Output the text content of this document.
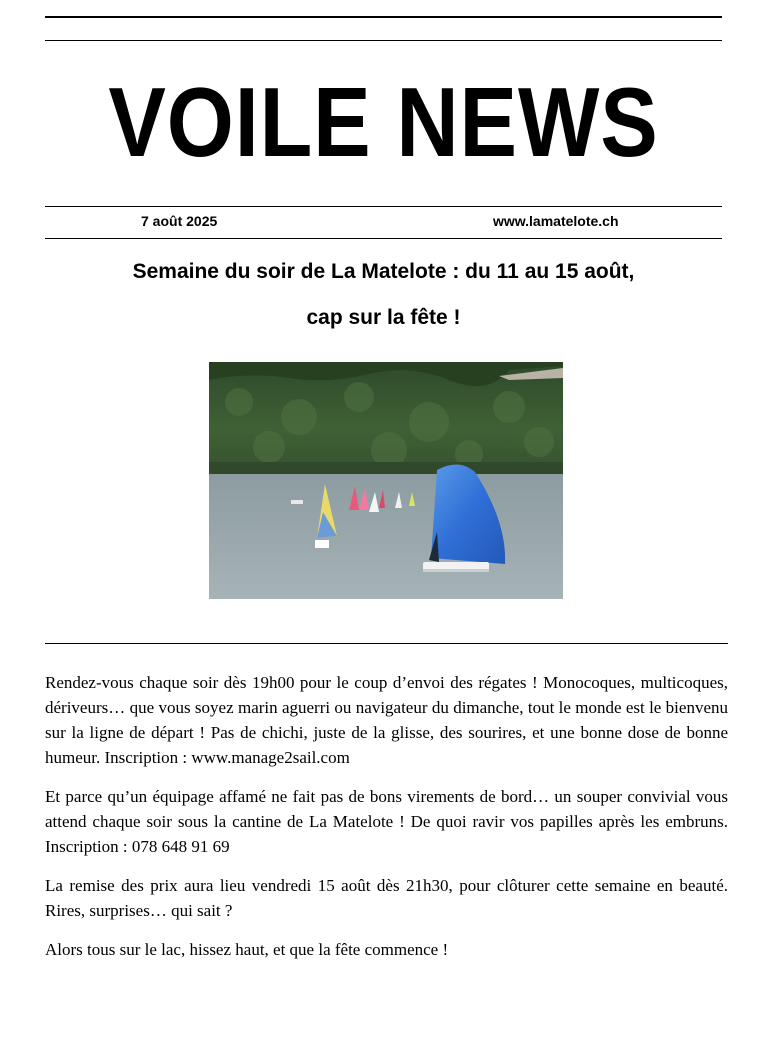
VOILE NEWS
7 août 2025	www.lamatelote.ch
Semaine du soir de La Matelote : du 11 au 15 août,
cap sur la fête !

Rendez-vous chaque soir dès 19h00 pour le coup d’envoi des régates ! Monocoques, multicoques, dériveurs… que vous soyez marin aguerri ou navigateur du dimanche, tout le monde est le bienvenu sur la ligne de départ ! Pas de chichi, juste de la glisse, des sourires, et une bonne dose de bonne humeur. Inscription : www.manage2sail.com

Et parce qu’un équipage affamé ne fait pas de bons virements de bord… un souper convivial vous attend chaque soir sous la cantine de La Matelote ! De quoi ravir vos papilles après les embruns. Inscription : 078 648 91 69

La remise des prix aura lieu vendredi 15 août dès 21h30, pour clôturer cette semaine en beauté. Rires, surprises… qui sait ?

Alors tous sur le lac, hissez haut, et que la fête commence !
